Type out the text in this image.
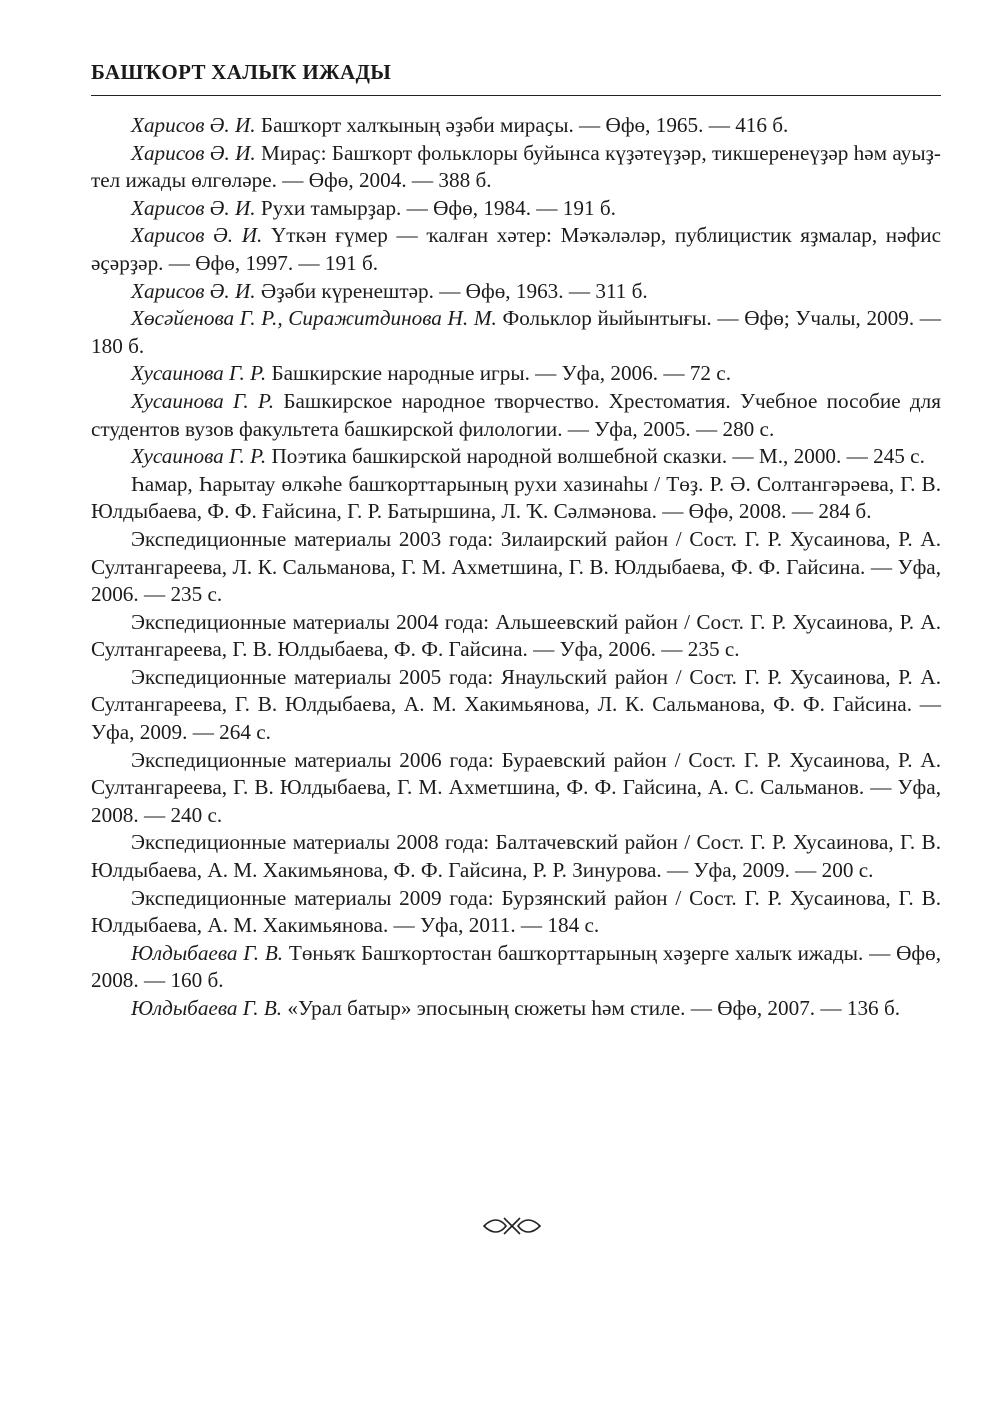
БАШҠОРТ ХАЛЫҠ ИЖАДЫ

Харисов Ә. И. Башҡорт халҡының әҙәби мираҫы. — Өфө, 1965. — 416 б.

Харисов Ә. И. Мираҫ: Башҡорт фольклоры буйынса күҙәтеүҙәр, тикшеренеүҙәр һәм ауыҙ-тел ижады өлгөләре. — Өфө, 2004. — 388 б.

Харисов Ә. И. Рухи тамырҙар. — Өфө, 1984. — 191 б.

Харисов Ә. И. Үткән ғүмер — ҡалған хәтер: Мәҡәләләр, публицистик яҙмалар, нәфис әҫәрҙәр. — Өфө, 1997. — 191 б.

Харисов Ә. И. Әҙәби күренештәр. — Өфө, 1963. — 311 б.

Хөсәйенова Г. Р., Сиражитдинова Н. М. Фольклор йыйынтығы. — Өфө; Учалы, 2009. — 180 б.

Хусаинова Г. Р. Башкирские народные игры. — Уфа, 2006. — 72 с.

Хусаинова Г. Р. Башкирское народное творчество. Хрестоматия. Учебное пособие для студентов вузов факультета башкирской филологии. — Уфа, 2005. — 280 с.

Хусаинова Г. Р. Поэтика башкирской народной волшебной сказки. — М., 2000. — 245 с.

Һамар, Һарытау өлкәһе башҡорттарының рухи хазинаһы / Төҙ. Р. Ә. Солтангәрәева, Г. В. Юлдыбаева, Ф. Ф. Ғайсина, Г. Р. Батыршина, Л. Ҡ. Сәлмәнова. — Өфө, 2008. — 284 б.

Экспедиционные материалы 2003 года: Зилаирский район / Сост. Г. Р. Хусаинова, Р. А. Султангареева, Л. К. Сальманова, Г. М. Ахметшина, Г. В. Юлдыбаева, Ф. Ф. Гайсина. — Уфа, 2006. — 235 с.

Экспедиционные материалы 2004 года: Альшеевский район / Сост. Г. Р. Хусаинова, Р. А. Султангареева, Г. В. Юлдыбаева, Ф. Ф. Гайсина. — Уфа, 2006. — 235 с.

Экспедиционные материалы 2005 года: Янаульский район / Сост. Г. Р. Хусаинова, Р. А. Султангареева, Г. В. Юлдыбаева, А. М. Хакимьянова, Л. К. Сальманова, Ф. Ф. Гайсина. — Уфа, 2009. — 264 с.

Экспедиционные материалы 2006 года: Бураевский район / Сост. Г. Р. Хусаинова, Р. А. Султангареева, Г. В. Юлдыбаева, Г. М. Ахметшина, Ф. Ф. Гайсина, А. С. Сальманов. — Уфа, 2008. — 240 с.

Экспедиционные материалы 2008 года: Балтачевский район / Сост. Г. Р. Хусаинова, Г. В. Юлдыбаева, А. М. Хакимьянова, Ф. Ф. Гайсина, Р. Р. Зинурова. — Уфа, 2009. — 200 с.

Экспедиционные материалы 2009 года: Бурзянский район / Сост. Г. Р. Хусаинова, Г. В. Юлдыбаева, А. М. Хакимьянова. — Уфа, 2011. — 184 с.

Юлдыбаева Г. В. Төньяҡ Башҡортостан башҡорттарының хәҙерге халыҡ ижады. — Өфө, 2008. — 160 б.

Юлдыбаева Г. В. «Урал батыр» эпосының сюжеты һәм стиле. — Өфө, 2007. — 136 б.
